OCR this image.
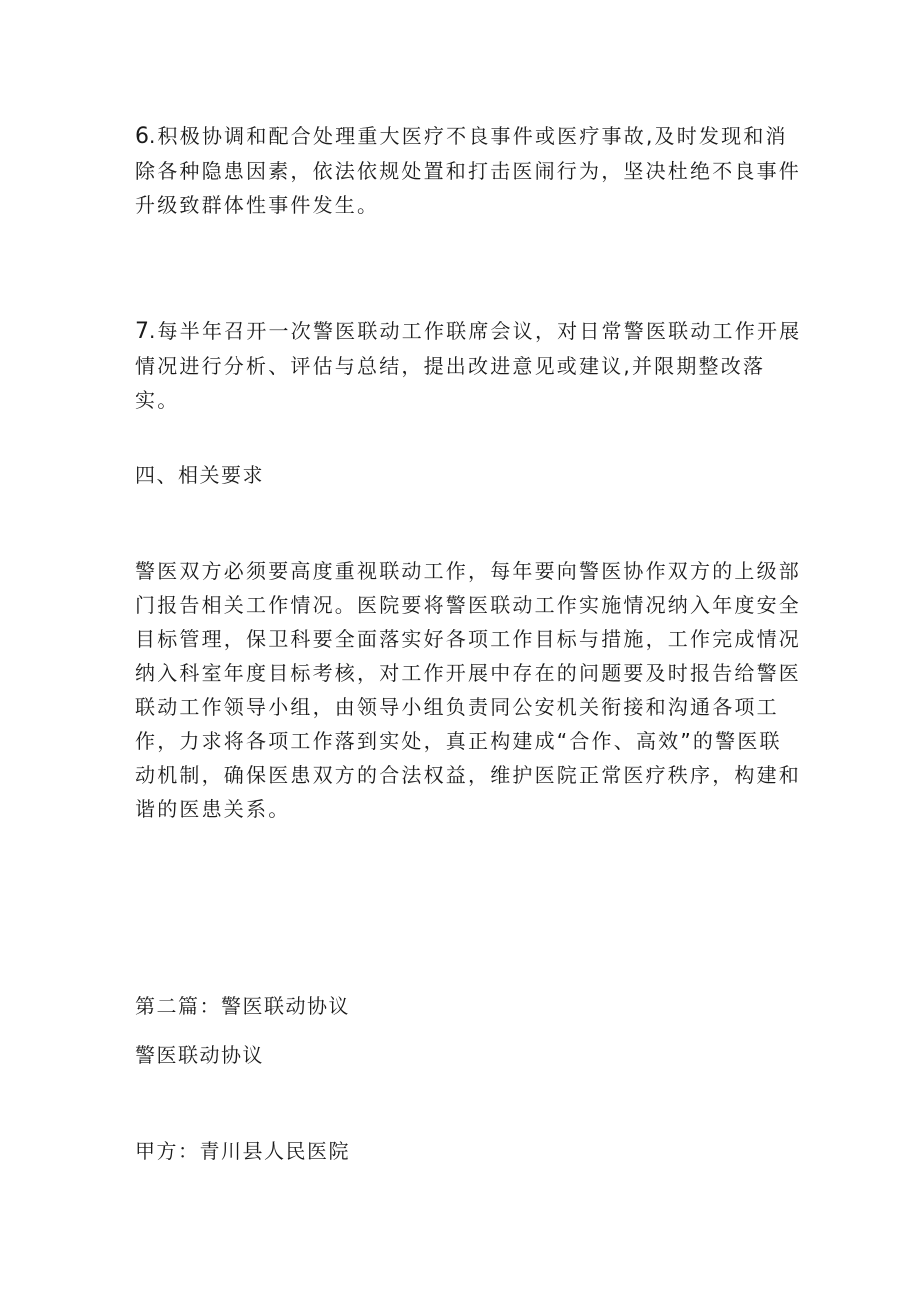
6.积极协调和配合处理重大医疗不良事件或医疗事故,及时发现和消除各种隐患因素，依法依规处置和打击医闹行为，坚决杜绝不良事件升级致群体性事件发生。

7.每半年召开一次警医联动工作联席会议，对日常警医联动工作开展情况进行分析、评估与总结，提出改进意见或建议,并限期整改落实。

四、相关要求

警医双方必须要高度重视联动工作，每年要向警医协作双方的上级部门报告相关工作情况。医院要将警医联动工作实施情况纳入年度安全目标管理，保卫科要全面落实好各项工作目标与措施，工作完成情况纳入科室年度目标考核，对工作开展中存在的问题要及时报告给警医联动工作领导小组，由领导小组负责同公安机关衔接和沟通各项工作，力求将各项工作落到实处，真正构建成“合作、高效”的警医联动机制，确保医患双方的合法权益，维护医院正常医疗秩序，构建和谐的医患关系。

第二篇：警医联动协议

警医联动协议

甲方：青川县人民医院
